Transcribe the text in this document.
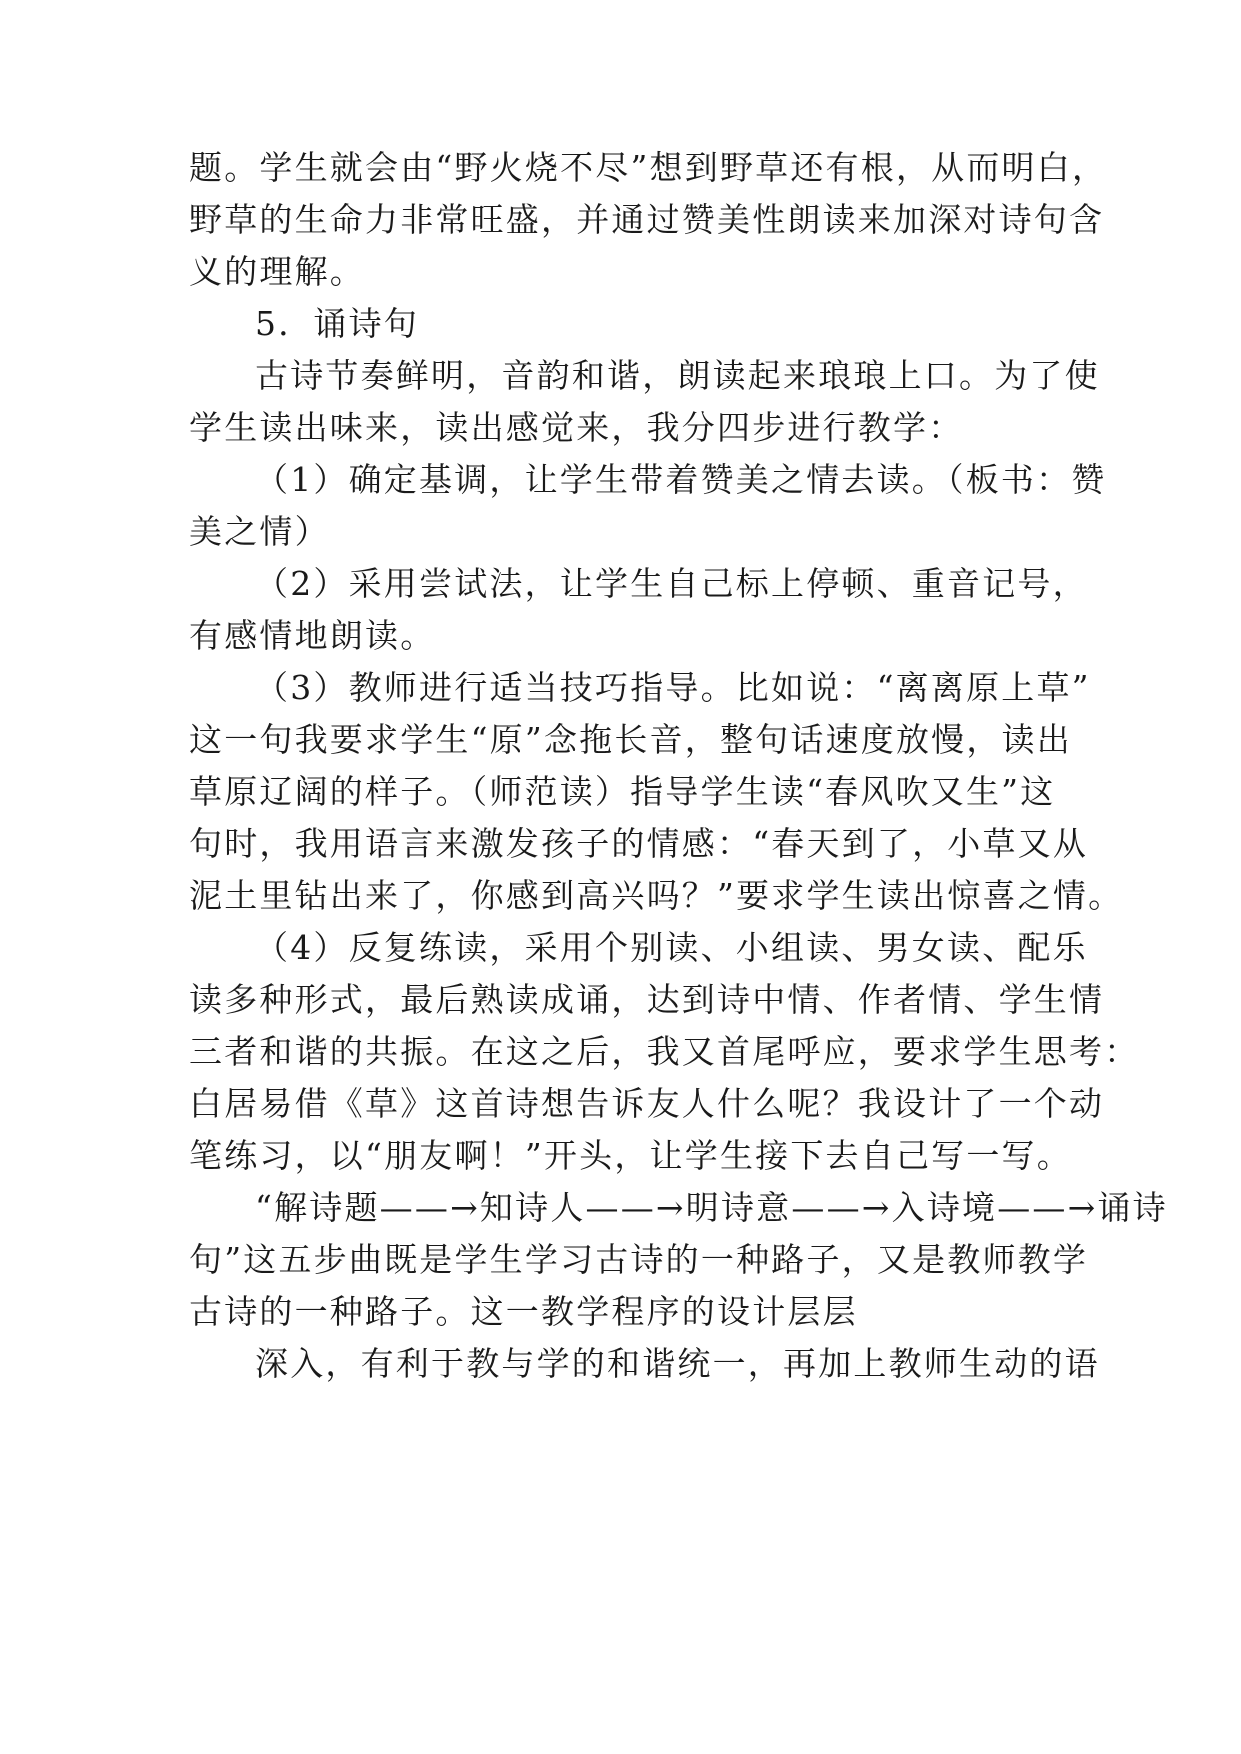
题。学生就会由“野火烧不尽”想到野草还有根，从而明白，
野草的生命力非常旺盛，并通过赞美性朗读来加深对诗句含
义的理解。
5．诵诗句
古诗节奏鲜明，音韵和谐，朗读起来琅琅上口。为了使
学生读出味来，读出感觉来，我分四步进行教学：
（1）确定基调，让学生带着赞美之情去读。（板书：赞
美之情）
（2）采用尝试法，让学生自己标上停顿、重音记号，
有感情地朗读。
（3）教师进行适当技巧指导。比如说：“离离原上草”
这一句我要求学生“原”念拖长音，整句话速度放慢，读出
草原辽阔的样子。（师范读）指导学生读“春风吹又生”这
句时，我用语言来激发孩子的情感：“春天到了，小草又从
泥土里钻出来了，你感到高兴吗？”要求学生读出惊喜之情。
（4）反复练读，采用个别读、小组读、男女读、配乐
读多种形式，最后熟读成诵，达到诗中情、作者情、学生情
三者和谐的共振。在这之后，我又首尾呼应，要求学生思考：
白居易借《草》这首诗想告诉友人什么呢？我设计了一个动
笔练习，以“朋友啊！”开头，让学生接下去自己写一写。
“解诗题——→知诗人——→明诗意——→入诗境——→诵诗
句”这五步曲既是学生学习古诗的一种路子，又是教师教学
古诗的一种路子。这一教学程序的设计层层
深入，有利于教与学的和谐统一，再加上教师生动的语
